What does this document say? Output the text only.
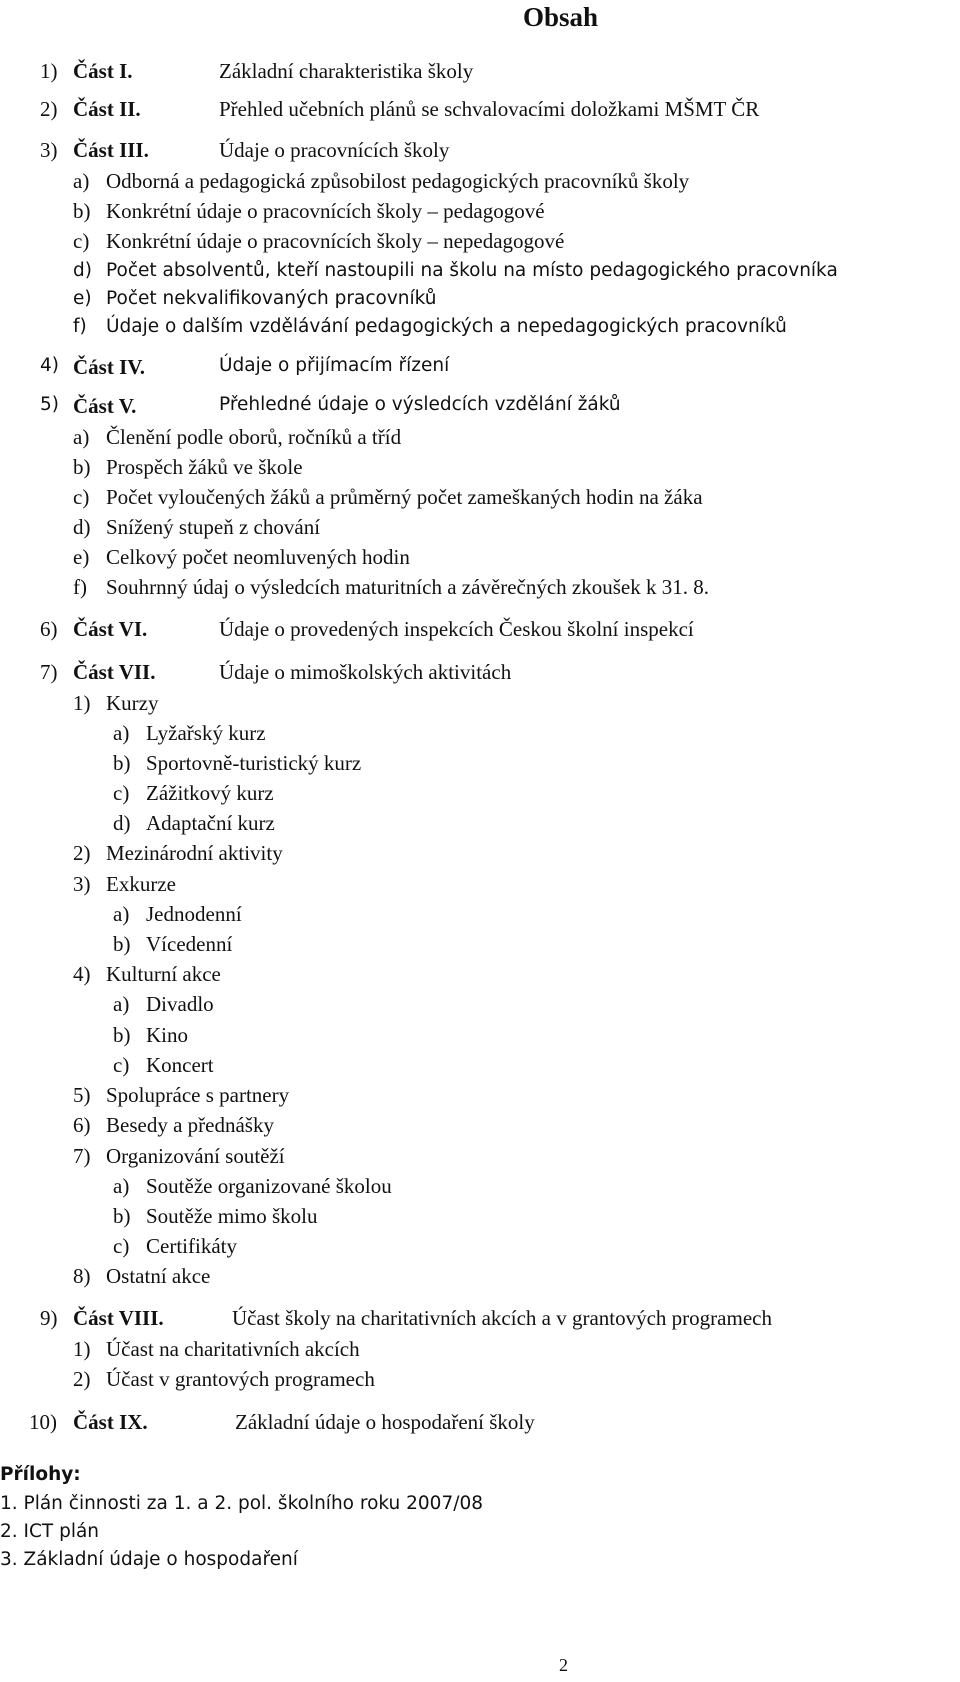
Obsah
1) Část I.	Základní charakteristika školy
2) Část II.	Přehled učebních plánů se schvalovacími doložkami MŠMT ČR
3) Část III.	Údaje o pracovnících školy
a) Odborná a pedagogická způsobilost pedagogických pracovníků školy
b) Konkrétní údaje o pracovnících školy – pedagogové
c) Konkrétní údaje o pracovnících školy – nepedagogové
d) Počet absolventů, kteří nastoupili na školu na místo pedagogického pracovníka
e) Počet nekvalifikovaných pracovníků
f) Údaje o dalším vzdělávání pedagogických a nepedagogických pracovníků
4) Část IV.	Údaje o přijímacím řízení
5) Část V.	Přehledné údaje o výsledcích vzdělání žáků
a) Členění podle oborů, ročníků a tříd
b) Prospěch žáků ve škole
c) Počet vyloučených žáků a průměrný počet zameškaných hodin na žáka
d) Snížený stupeň z chování
e) Celkový počet neomluvených hodin
f) Souhrnný údaj o výsledcích maturitních a závěrečných zkoušek k 31. 8.
6) Část VI.	Údaje o provedených inspekcích Českou školní inspekcí
7) Část VII.	Údaje o mimoškolských aktivitách
1) Kurzy
a) Lyžařský kurz
b) Sportovně-turistický kurz
c) Zážitkový kurz
d) Adaptační kurz
2) Mezinárodní aktivity
3) Exkurze
a) Jednodenní
b) Vícedenní
4) Kulturní akce
a) Divadlo
b) Kino
c) Koncert
5) Spolupráce s partnery
6) Besedy a přednášky
7) Organizování soutěží
a) Soutěže organizované školou
b) Soutěže mimo školu
c) Certifikáty
8) Ostatní akce
9) Část VIII.	Účast školy na charitativních akcích a v grantových programech
1) Účast na charitativních akcích
2) Účast v grantových programech
10) Část IX.	Základní údaje o hospodaření školy
Přílohy:
1. Plán činnosti za 1. a 2. pol. školního roku 2007/08
2. ICT plán
3. Základní údaje o hospodaření
2
